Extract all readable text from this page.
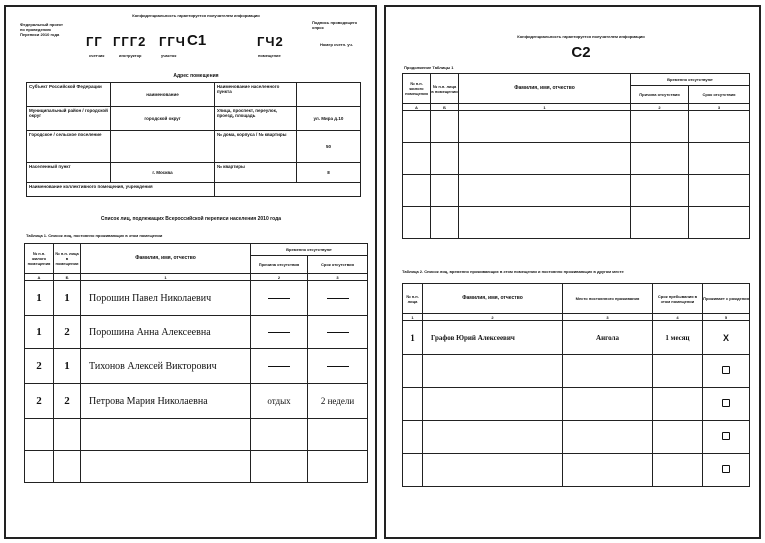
Конфиденциальность гарантируется получателем информации
Федеральный проект по проведению Переписи 2010 года
Подпись проводящего опрос
Номер счетн. уч.
ГГ ГГГ2 ГГЧ C1	ГЧ2
счетчик	инструктор	участок	помещение
Адрес помещения
Субъект Российской Федерации	наименование	Наименование населенного пункта	
Муниципальный район / городской округ	городской округ	Улица, проспект, переулок, проезд, площадь	ул. Мира д.10
Городское / сельское поселение		№ дома, корпуса / № квартиры	50
Населенный пункт	г. Москва	№ квартиры	8
Наименование коллективного помещения, учреждения			
Список лиц, подлежащих Всероссийской переписи населения 2010 года
Таблица 1. Список лиц, постоянно проживающих в этом помещении
№ п.п. жилого помещения	№ п.п. лица в помещении	Фамилия, имя, отчество	Временно отсутствуют	
			Причина отсутствия	Срок отсутствия
А	Б	1	2	3
1	1	Порошин Павел Николаевич		
1	2	Порошина Анна Алексеевна		
2	1	Тихонов Алексей Викторович		
2	2	Петрова Мария Николаевна	отдых	2 недели

Конфиденциальность гарантируется получателем информации
C2
Продолжение Таблицы 1
№ п.п. жилого помещения	№ п.п. лица в помещении	Фамилия, имя, отчество	Временно отсутствуют	
			Причина отсутствия	Срок отсутствия
А	Б	1	2	3

Таблица 2. Список лиц, временно проживающих в этом помещении и постоянно проживающих в другом месте
№ п.п. лица	Фамилия, имя, отчество	Место постоянного проживания	Срок пребывания в этом помещении	Проживает с рождения
1	2	3	4	5
1	Графов Юрий Алексеевич	Ангола	1 месяц	X
